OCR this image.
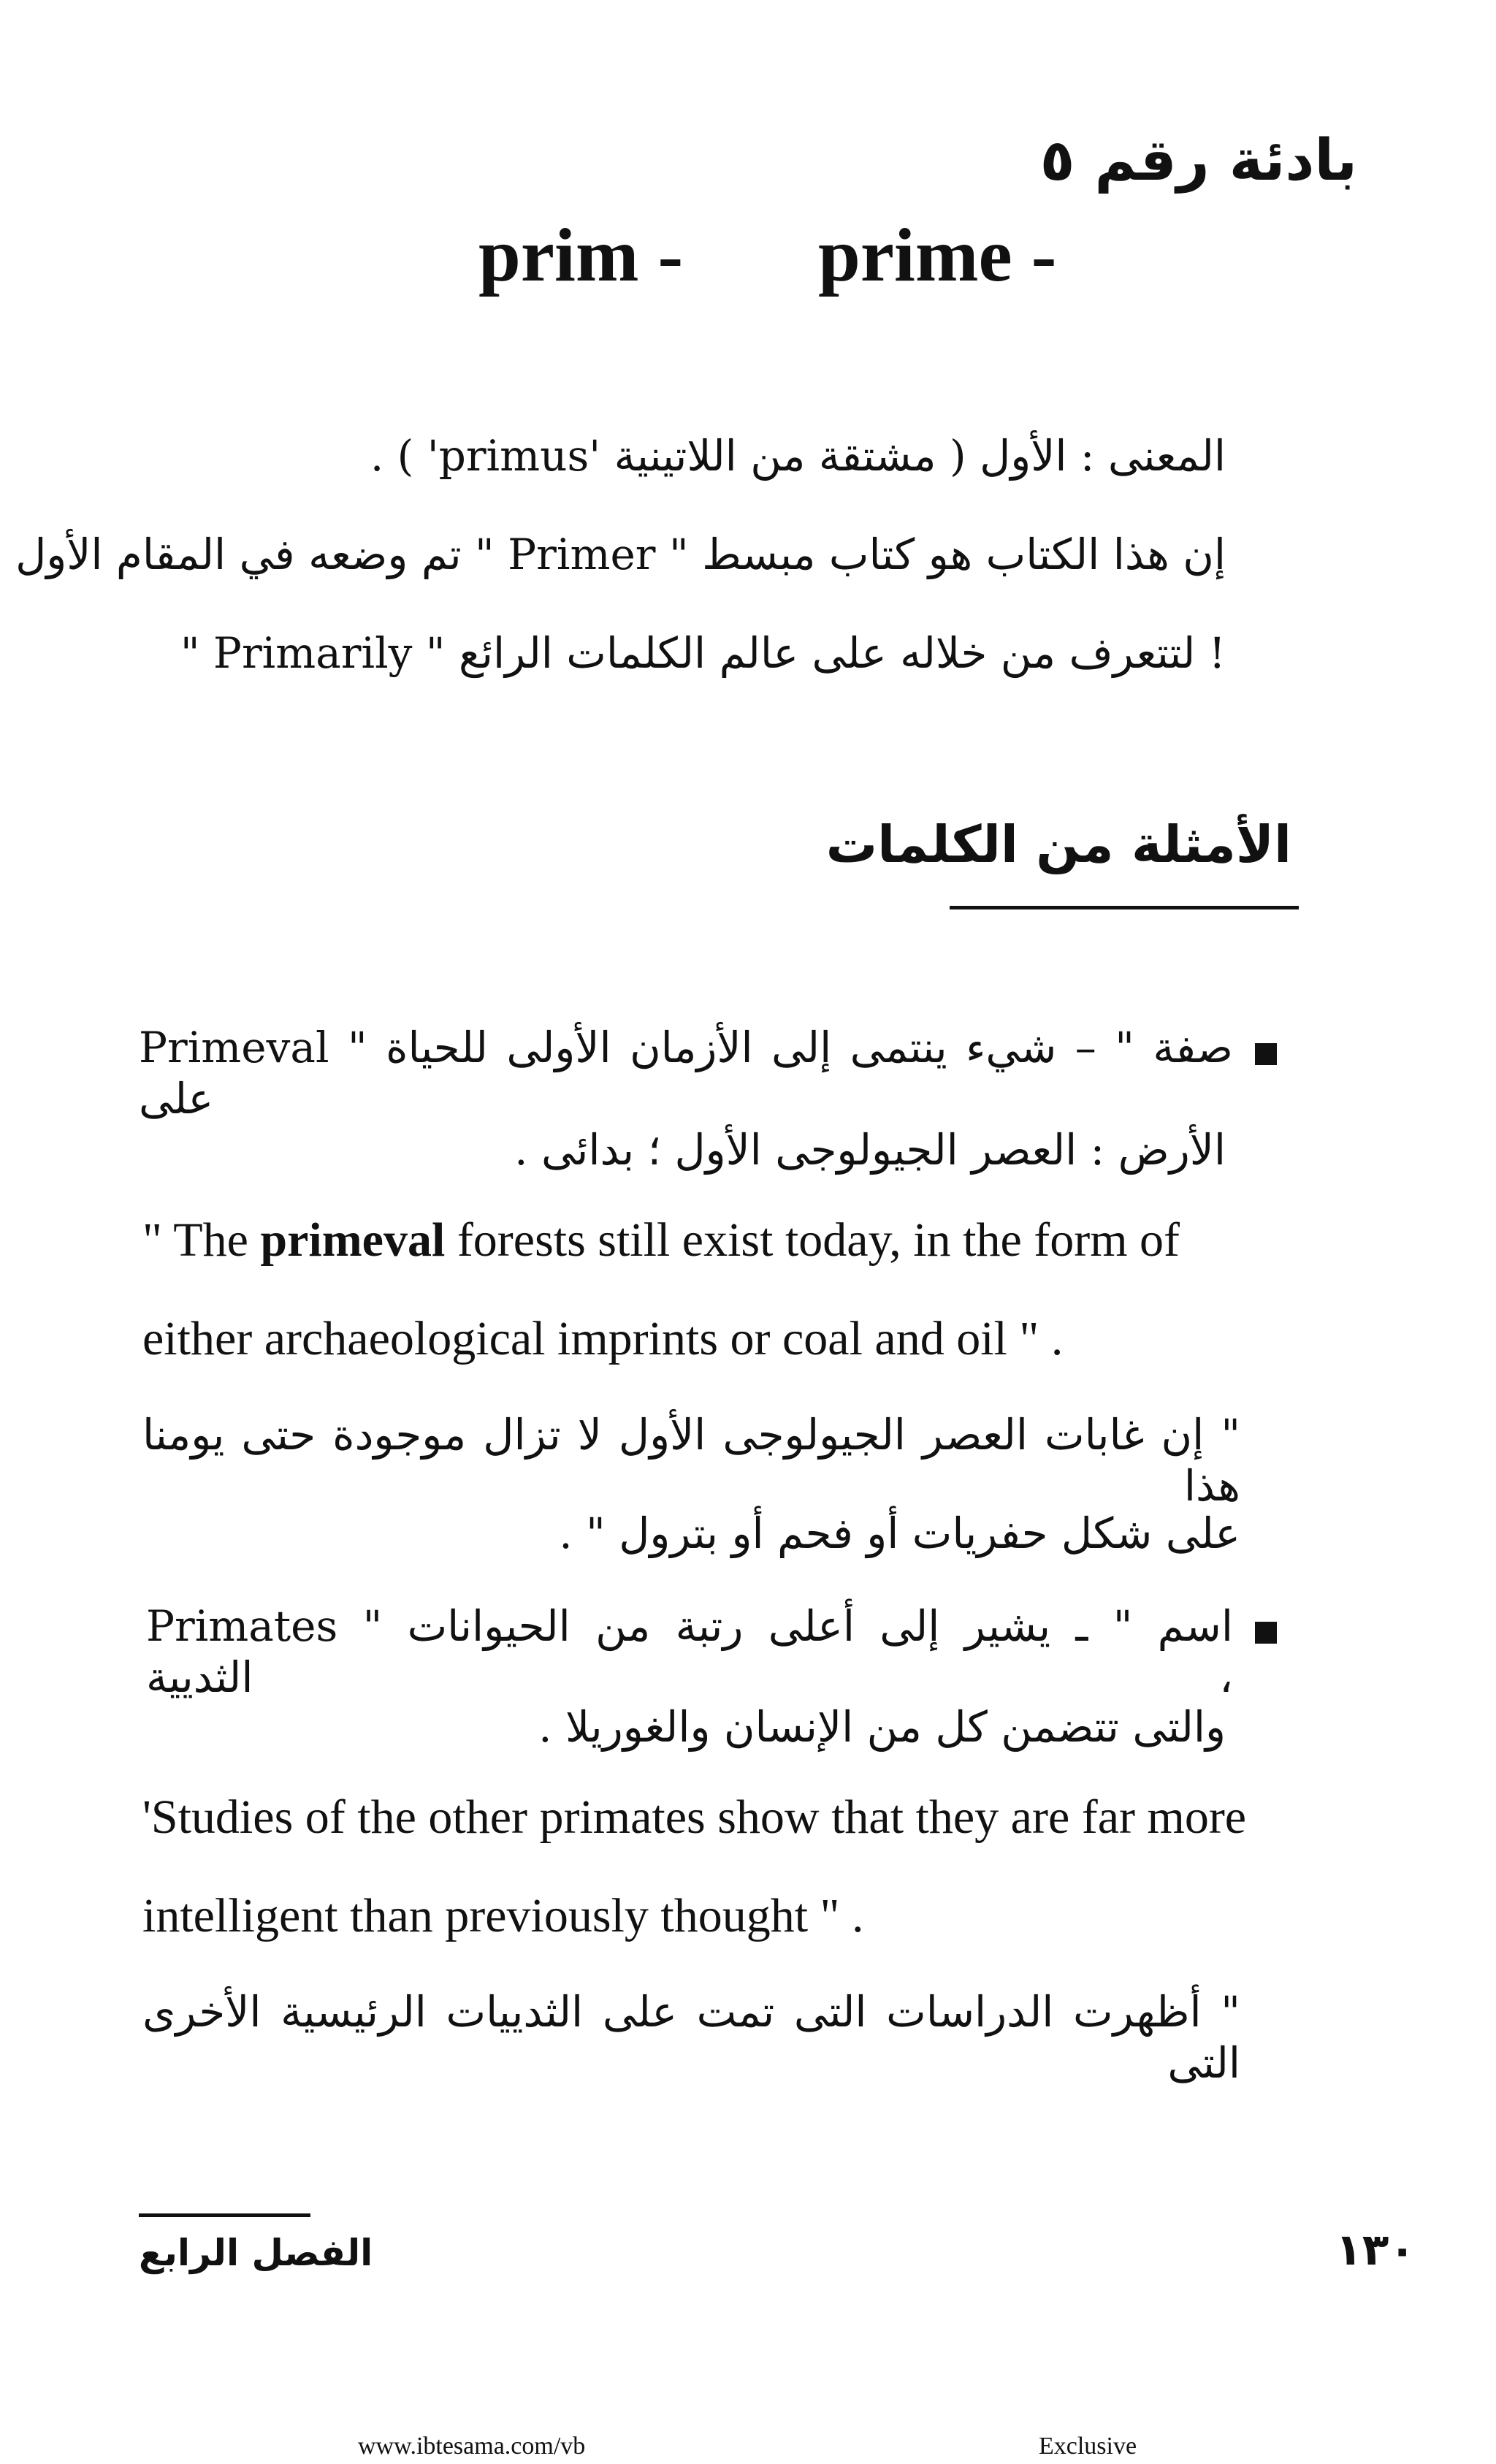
بادئة رقم ٥
prim - prime -
المعنى : الأول ( مشتقة من اللاتينية 'primus' ) .
إن هذا الكتاب هو كتاب مبسط " Primer " تم وضعه في المقام الأول
" Primarily " لتتعرف من خلاله على عالم الكلمات الرائع !
الأمثلة من الكلمات
Primeval " صفة " – شيء ينتمى إلى الأزمان الأولى للحياة على
الأرض : العصر الجيولوجى الأول ؛ بدائى .
" The primeval forests still exist today, in the form of
either archaeological imprints or coal and oil " .
" إن غابات العصر الجيولوجى الأول لا تزال موجودة حتى يومنا هذا
على شكل حفريات أو فحم أو بترول " .
Primates " اسم " ـ يشير إلى أعلى رتبة من الحيوانات الثديية ،
والتى تتضمن كل من الإنسان والغوريلا .
'Studies of the other primates show that they are far more
intelligent than previously thought " .
" أظهرت الدراسات التى تمت على الثدييات الرئيسية الأخرى التى
الفصل الرابع	١٣٠
www.ibtesama.com/vb	Exclusive
